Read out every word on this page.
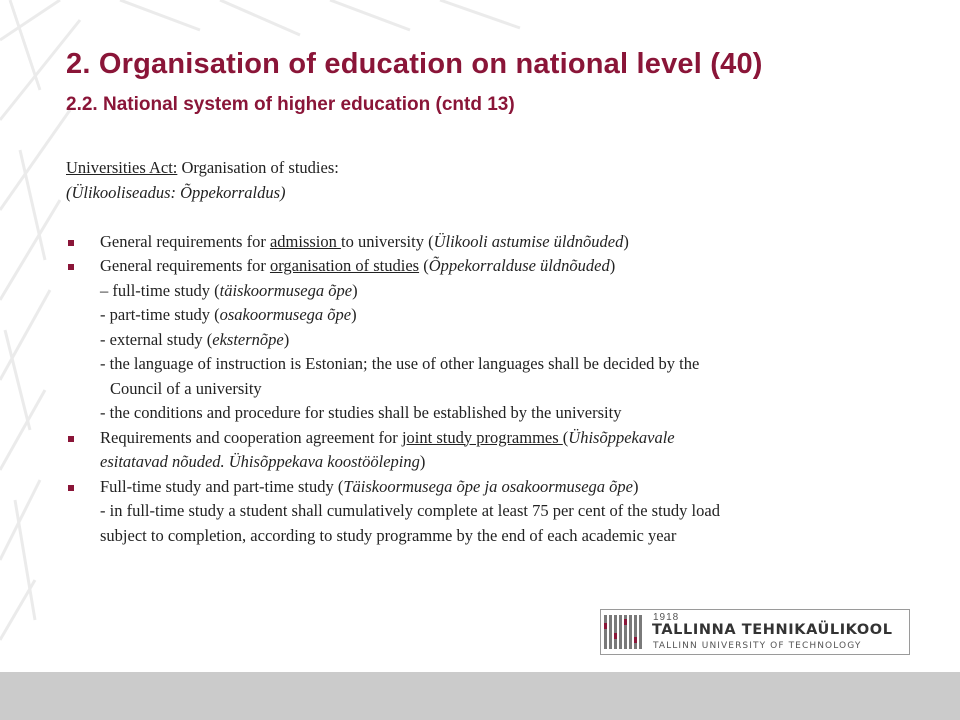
2. Organisation of education on national level (40)
2.2. National system of higher education (cntd 13)
Universities Act: Organisation of studies:
(Ülikooliseadus: Õppekorraldus)
General requirements for admission to university (Ülikooli astumise üldnõuded)
General requirements for organisation of studies (Õppekorralduse üldnõuded)
– full-time study (täiskoormusega õpe)
- part-time study (osakoormusega õpe)
- external study (eksternõpe)
- the language of instruction is Estonian; the use of other languages shall be decided by the
Council of a university
- the conditions and procedure for studies shall be established by the university
Requirements and cooperation agreement for joint study programmes (Ühisõppekavale
esitatavad nõuded. Ühisõppekava koostööleping)
Full-time study and part-time study (Täiskoormusega õpe ja osakoormusega õpe)
- in full-time study a student shall cumulatively complete at least 75 per cent of the study load
subject to completion, according to study programme by the end of each academic year
1918
TALLINNA TEHNIKAÜLIKOOL
TALLINN UNIVERSITY OF TECHNOLOGY
